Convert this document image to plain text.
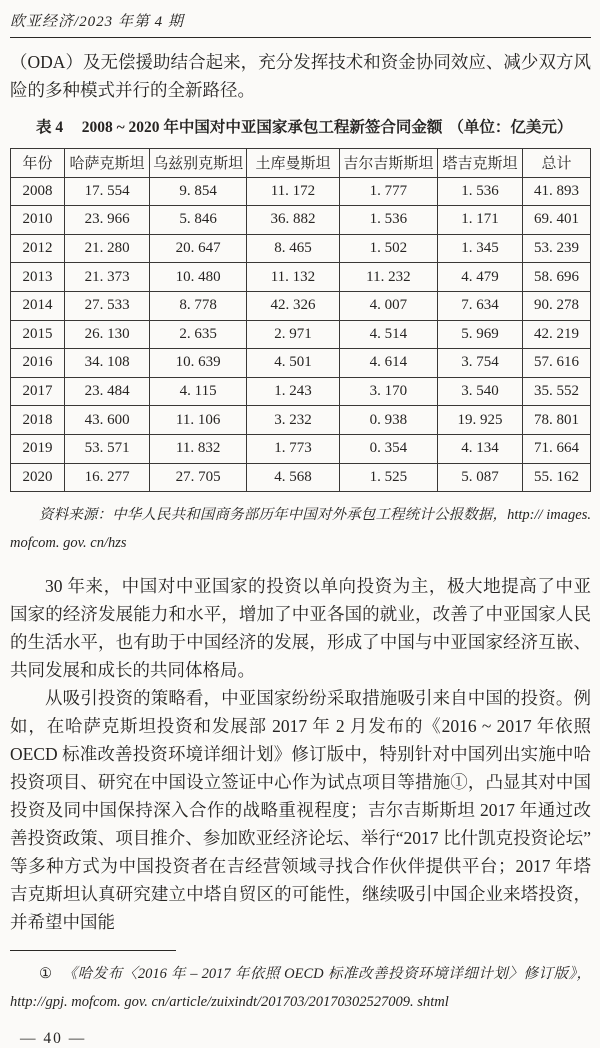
欧亚经济/2023 年第 4 期

（ODA）及无偿援助结合起来，充分发挥技术和资金协同效应、减少双方风险的多种模式并行的全新路径。

表 4	2008 ~ 2020 年中国对中亚国家承包工程新签合同金额 （单位：亿美元）
年份	哈萨克斯坦	乌兹别克斯坦	土库曼斯坦	吉尔吉斯斯坦	塔吉克斯坦	总计
2008	17. 554	9. 854	11. 172	1. 777	1. 536	41. 893
2010	23. 966	5. 846	36. 882	1. 536	1. 171	69. 401
2012	21. 280	20. 647	8. 465	1. 502	1. 345	53. 239
2013	21. 373	10. 480	11. 132	11. 232	4. 479	58. 696
2014	27. 533	8. 778	42. 326	4. 007	7. 634	90. 278
2015	26. 130	2. 635	2. 971	4. 514	5. 969	42. 219
2016	34. 108	10. 639	4. 501	4. 614	3. 754	57. 616
2017	23. 484	4. 115	1. 243	3. 170	3. 540	35. 552
2018	43. 600	11. 106	3. 232	0. 938	19. 925	78. 801
2019	53. 571	11. 832	1. 773	0. 354	4. 134	71. 664
2020	16. 277	27. 705	4. 568	1. 525	5. 087	55. 162

资料来源：中华人民共和国商务部历年中国对外承包工程统计公报数据，http:// images. mofcom. gov. cn/hzs

30 年来，中国对中亚国家的投资以单向投资为主，极大地提高了中亚国家的经济发展能力和水平，增加了中亚各国的就业，改善了中亚国家人民的生活水平，也有助于中国经济的发展，形成了中国与中亚国家经济互嵌、共同发展和成长的共同体格局。

从吸引投资的策略看，中亚国家纷纷采取措施吸引来自中国的投资。例如，在哈萨克斯坦投资和发展部 2017 年 2 月发布的《2016 ~ 2017 年依照 OECD 标准改善投资环境详细计划》修订版中，特别针对中国列出实施中哈投资项目、研究在中国设立签证中心作为试点项目等措施①，凸显其对中国投资及同中国保持深入合作的战略重视程度；吉尔吉斯斯坦 2017 年通过改善投资政策、项目推介、参加欧亚经济论坛、举行“2017 比什凯克投资论坛”等多种方式为中国投资者在吉经营领域寻找合作伙伴提供平台；2017 年塔吉克斯坦认真研究建立中塔自贸区的可能性，继续吸引中国企业来塔投资，并希望中国能

① 《哈发布〈2016 年 – 2017 年依照 OECD 标准改善投资环境详细计划〉修订版》， http://gpj. mofcom. gov. cn/article/zuixindt/201703/20170302527009. shtml

— 40 —
